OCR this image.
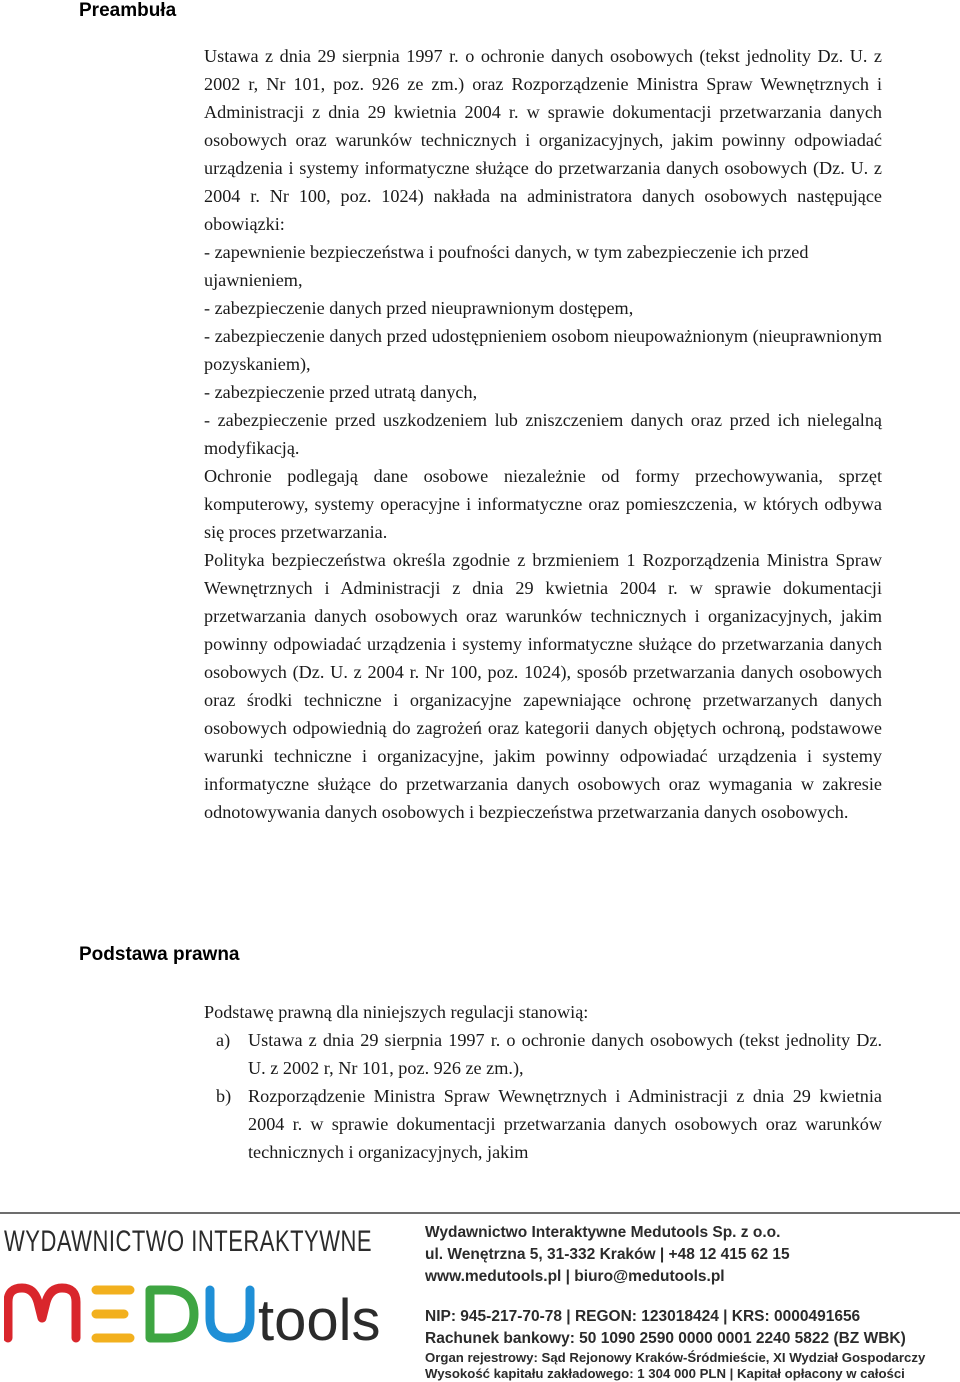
Preambuła

Ustawa z dnia 29 sierpnia 1997 r. o ochronie danych osobowych (tekst jednolity Dz. U. z 2002 r, Nr 101, poz. 926 ze zm.) oraz Rozporządzenie Ministra Spraw Wewnętrznych i Administracji z dnia 29 kwietnia 2004 r. w sprawie dokumentacji przetwarzania danych osobowych oraz warunków technicznych i organizacyjnych, jakim powinny odpowiadać urządzenia i systemy informatyczne służące do przetwarzania danych osobowych (Dz. U. z 2004 r. Nr 100, poz. 1024) nakłada na administratora danych osobowych następujące obowiązki:

- zapewnienie bezpieczeństwa i poufności danych, w tym zabezpieczenie ich przed ujawnieniem,

- zabezpieczenie danych przed nieuprawnionym dostępem,

- zabezpieczenie danych przed udostępnieniem osobom nieupoważnionym (nieuprawnionym pozyskaniem),

- zabezpieczenie przed utratą danych,

- zabezpieczenie przed uszkodzeniem lub zniszczeniem danych oraz przed ich nielegalną modyfikacją.

Ochronie podlegają dane osobowe niezależnie od formy przechowywania, sprzęt komputerowy, systemy operacyjne i informatyczne oraz pomieszczenia, w których odbywa się proces przetwarzania.

Polityka bezpieczeństwa określa zgodnie z brzmieniem 1 Rozporządzenia Ministra Spraw Wewnętrznych i Administracji z dnia 29 kwietnia 2004 r. w sprawie dokumentacji przetwarzania danych osobowych oraz warunków technicznych i organizacyjnych, jakim powinny odpowiadać urządzenia i systemy informatyczne służące do przetwarzania danych osobowych (Dz. U. z 2004 r. Nr 100, poz. 1024), sposób przetwarzania danych osobowych oraz środki techniczne i organizacyjne zapewniające ochronę przetwarzanych danych osobowych odpowiednią do zagrożeń oraz kategorii danych objętych ochroną, podstawowe warunki techniczne i organizacyjne, jakim powinny odpowiadać urządzenia i systemy informatyczne służące do przetwarzania danych osobowych oraz wymagania w zakresie odnotowywania danych osobowych i bezpieczeństwa przetwarzania danych osobowych.

Podstawa prawna

Podstawę prawną dla niniejszych regulacji stanowią:

a) Ustawa z dnia 29 sierpnia 1997 r. o ochronie danych osobowych (tekst jednolity Dz. U. z 2002 r, Nr 101, poz. 926 ze zm.),
b) Rozporządzenie Ministra Spraw Wewnętrznych i Administracji z dnia 29 kwietnia 2004 r. w sprawie dokumentacji przetwarzania danych osobowych oraz warunków technicznych i organizacyjnych, jakim
WYDAWNICTWO INTERAKTYWNE
tools
Wydawnictwo Interaktywne Medutools Sp. z o.o.
ul. Wenętrzna 5, 31-332 Kraków | +48 12 415 62 15
www.medutools.pl | biuro@medutools.pl
NIP: 945-217-70-78 | REGON: 123018424 | KRS: 0000491656
Rachunek bankowy: 50 1090 2590 0000 0001 2240 5822 (BZ WBK)
Organ rejestrowy: Sąd Rejonowy Kraków-Śródmieście, XI Wydział Gospodarczy
Wysokość kapitału zakładowego: 1 304 000 PLN | Kapitał opłacony w całości
